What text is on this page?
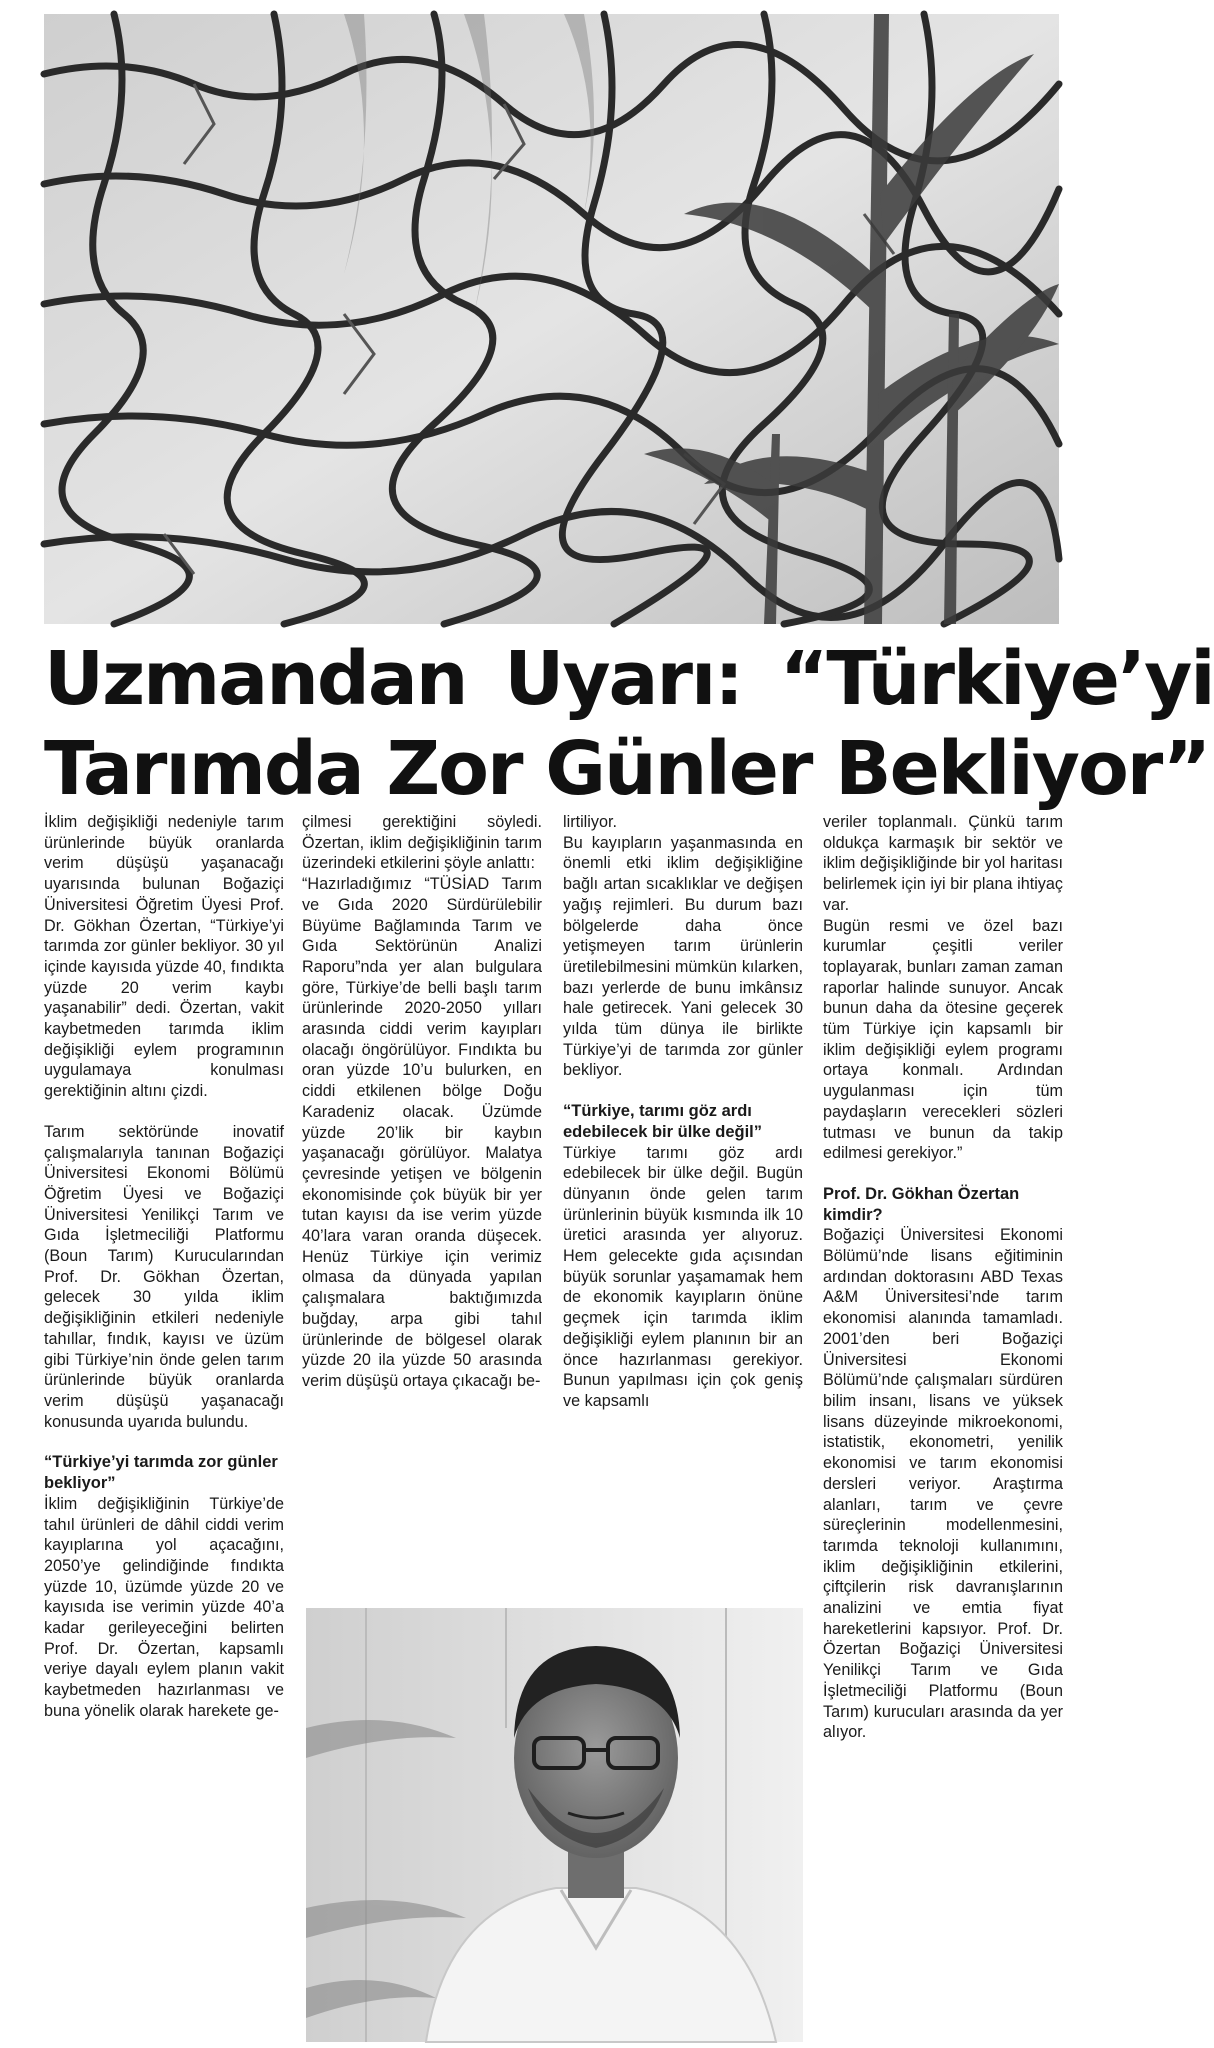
Uzmandan Uyarı: “Türkiye’yi
Tarımda Zor Günler Bekliyor”

İklim değişikliği nedeniyle tarım ürünlerinde büyük oranlarda verim düşüşü yaşanacağı uyarısında bulunan Boğaziçi Üniversitesi Öğretim Üyesi Prof. Dr. Gökhan Özertan, “Türkiye’yi tarımda zor günler bekliyor. 30 yıl içinde kayısıda yüzde 40, fındıkta yüzde 20 verim kaybı yaşanabilir” dedi. Özertan, vakit kaybetmeden tarımda iklim değişikliği eylem programının uygulamaya konulması gerektiğinin altını çizdi.

Tarım sektöründe inovatif çalışmalarıyla tanınan Boğaziçi Üniversitesi Ekonomi Bölümü Öğretim Üyesi ve Boğaziçi Üniversitesi Yenilikçi Tarım ve Gıda İşletmeciliği Platformu (Boun Tarım) Kurucularından Prof. Dr. Gökhan Özertan, gelecek 30 yılda iklim değişikliğinin etkileri nedeniyle tahıllar, fındık, kayısı ve üzüm gibi Türkiye’nin önde gelen tarım ürünlerinde büyük oranlarda verim düşüşü yaşanacağı konusunda uyarıda bulundu.

“Türkiye’yi tarımda zor günler bekliyor”

İklim değişikliğinin Türkiye’de tahıl ürünleri de dâhil ciddi verim kayıplarına yol açacağını, 2050’ye gelindiğinde fındıkta yüzde 10, üzümde yüzde 20 ve kayısıda ise verimin yüzde 40’a kadar gerileyeceğini belirten Prof. Dr. Özertan, kapsamlı veriye dayalı eylem planın vakit kaybetmeden hazırlanması ve buna yönelik olarak harekete ge-

çilmesi gerektiğini söyledi. Özertan, iklim değişikliğinin tarım üzerindeki etkilerini şöyle anlattı:

“Hazırladığımız “TÜSİAD Tarım ve Gıda 2020 Sürdürülebilir Büyüme Bağlamında Tarım ve Gıda Sektörünün Analizi Raporu”nda yer alan bulgulara göre, Türkiye’de belli başlı tarım ürünlerinde 2020-2050 yılları arasında ciddi verim kayıpları olacağı öngörülüyor. Fındıkta bu oran yüzde 10’u bulurken, en ciddi etkilenen bölge Doğu Karadeniz olacak. Üzümde yüzde 20’lik bir kaybın yaşanacağı görülüyor. Malatya çevresinde yetişen ve bölgenin ekonomisinde çok büyük bir yer tutan kayısı da ise verim yüzde 40’lara varan oranda düşecek. Henüz Türkiye için verimiz olmasa da dünyada yapılan çalışmalara baktığımızda buğday, arpa gibi tahıl ürünlerinde de bölgesel olarak yüzde 20 ila yüzde 50 arasında verim düşüşü ortaya çıkacağı be-

lirtiliyor.

Bu kayıpların yaşanmasında en önemli etki iklim değişikliğine bağlı artan sıcaklıklar ve değişen yağış rejimleri. Bu durum bazı bölgelerde daha önce yetişmeyen tarım ürünlerin üretilebilmesini mümkün kılarken, bazı yerlerde de bunu imkânsız hale getirecek. Yani gelecek 30 yılda tüm dünya ile birlikte Türkiye’yi de tarımda zor günler bekliyor.

“Türkiye, tarımı göz ardı edebilecek bir ülke değil”

Türkiye tarımı göz ardı edebilecek bir ülke değil. Bugün dünyanın önde gelen tarım ürünlerinin büyük kısmında ilk 10 üretici arasında yer alıyoruz. Hem gelecekte gıda açısından büyük sorunlar yaşamamak hem de ekonomik kayıpların önüne geçmek için tarımda iklim değişikliği eylem planının bir an önce hazırlanması gerekiyor. Bunun yapılması için çok geniş ve kapsamlı

veriler toplanmalı. Çünkü tarım oldukça karmaşık bir sektör ve iklim değişikliğinde bir yol haritası belirlemek için iyi bir plana ihtiyaç var.

Bugün resmi ve özel bazı kurumlar çeşitli veriler toplayarak, bunları zaman zaman raporlar halinde sunuyor. Ancak bunun daha da ötesine geçerek tüm Türkiye için kapsamlı bir iklim değişikliği eylem programı ortaya konmalı. Ardından uygulanması için tüm paydaşların verecekleri sözleri tutması ve bunun da takip edilmesi gerekiyor.”

Prof. Dr. Gökhan Özertan kimdir?

Boğaziçi Üniversitesi Ekonomi Bölümü’nde lisans eğitiminin ardından doktorasını ABD Texas A&M Üniversitesi’nde tarım ekonomisi alanında tamamladı. 2001’den beri Boğaziçi Üniversitesi Ekonomi Bölümü’nde çalışmaları sürdüren bilim insanı, lisans ve yüksek lisans düzeyinde mikroekonomi, istatistik, ekonometri, yenilik ekonomisi ve tarım ekonomisi dersleri veriyor. Araştırma alanları, tarım ve çevre süreçlerinin modellenmesini, tarımda teknoloji kullanımını, iklim değişikliğinin etkilerini, çiftçilerin risk davranışlarının analizini ve emtia fiyat hareketlerini kapsıyor. Prof. Dr. Özertan Boğaziçi Üniversitesi Yenilikçi Tarım ve Gıda İşletmeciliği Platformu (Boun Tarım) kurucuları arasında da yer alıyor.
